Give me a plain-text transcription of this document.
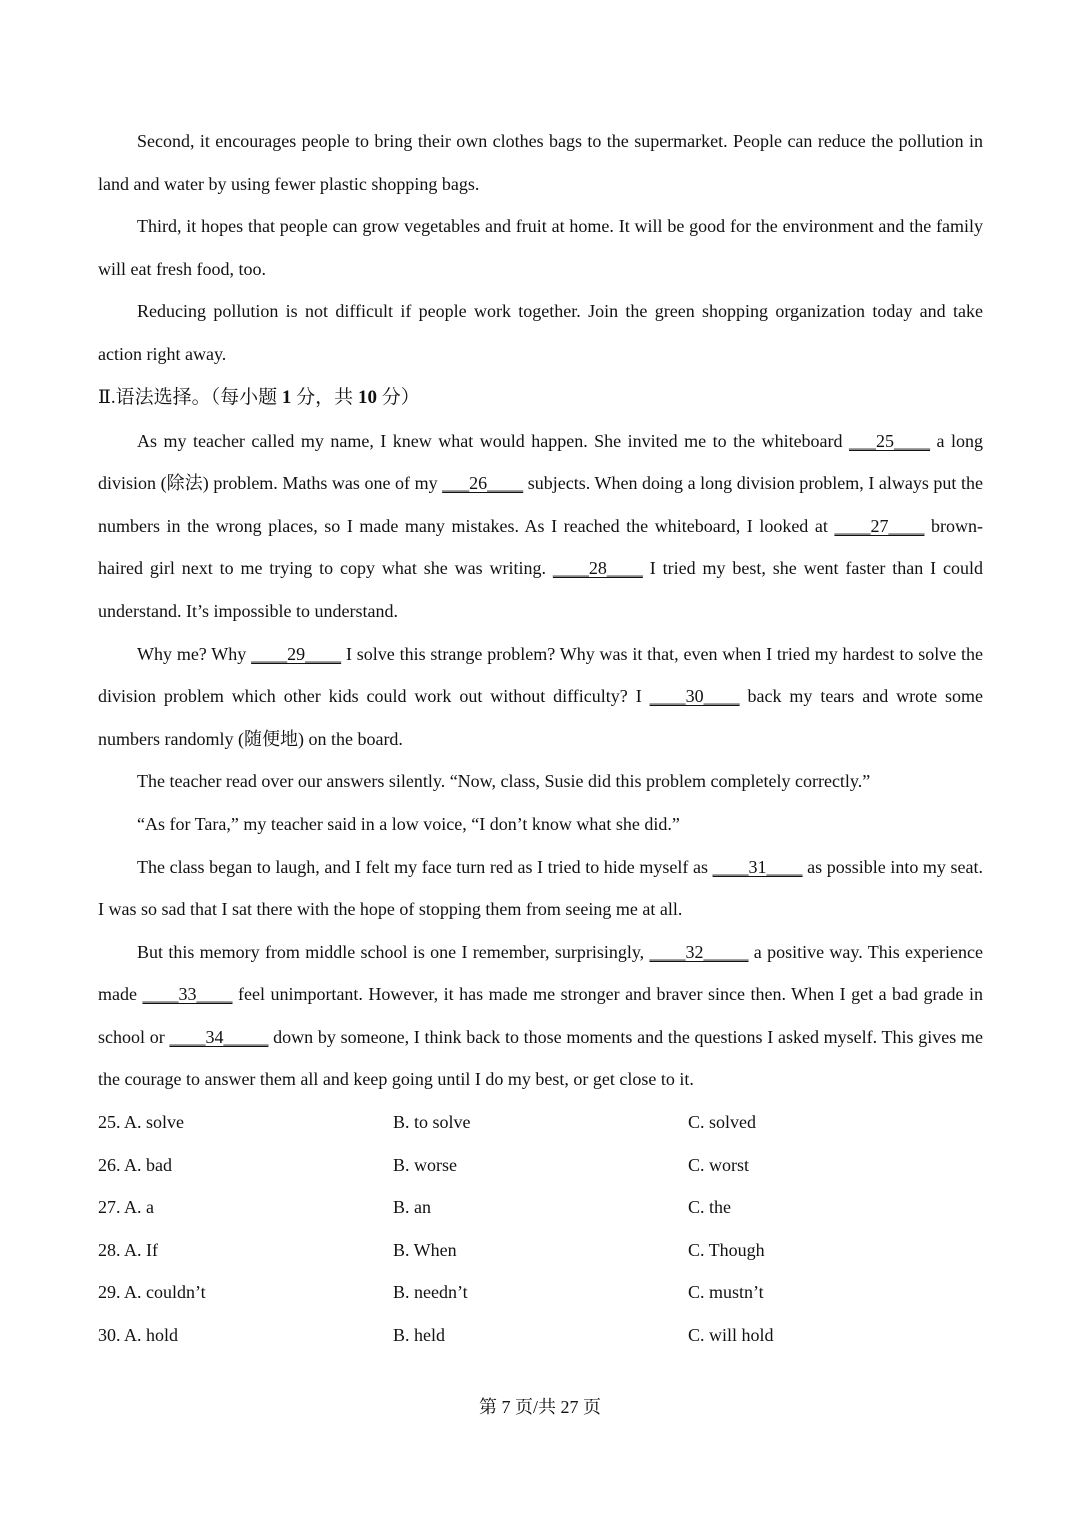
Second, it encourages people to bring their own clothes bags to the supermarket. People can reduce the pollution in land and water by using fewer plastic shopping bags.

Third, it hopes that people can grow vegetables and fruit at home. It will be good for the environment and the family will eat fresh food, too.

Reducing pollution is not difficult if people work together. Join the green shopping organization today and take action right away.

Ⅱ.语法选择。（每小题 1 分，共 10 分）

As my teacher called my name, I knew what would happen. She invited me to the whiteboard ___25____ a long division (除法) problem. Maths was one of my ___26____ subjects. When doing a long division problem, I always put the numbers in the wrong places, so I made many mistakes. As I reached the whiteboard, I looked at ____27____ brown-haired girl next to me trying to copy what she was writing. ____28____ I tried my best, she went faster than I could understand. It’s impossible to understand.

Why me? Why ____29____ I solve this strange problem? Why was it that, even when I tried my hardest to solve the division problem which other kids could work out without difficulty? I ____30____ back my tears and wrote some numbers randomly (随便地) on the board.

The teacher read over our answers silently. “Now, class, Susie did this problem completely correctly.”

“As for Tara,” my teacher said in a low voice, “I don’t know what she did.”

The class began to laugh, and I felt my face turn red as I tried to hide myself as ____31____ as possible into my seat. I was so sad that I sat there with the hope of stopping them from seeing me at all.

But this memory from middle school is one I remember, surprisingly, ____32_____ a positive way. This experience made ____33____ feel unimportant. However, it has made me stronger and braver since then. When I get a bad grade in school or ____34_____ down by someone, I think back to those moments and the questions I asked myself. This gives me the courage to answer them all and keep going until I do my best, or get close to it.

25. A. solve	B. to solve	C. solved
26. A. bad	B. worse	C. worst
27. A. a	B. an	C. the
28. A. If	B. When	C. Though
29. A. couldn’t	B. needn’t	C. mustn’t
30. A. hold	B. held	C. will hold
第 7 页/共 27 页
